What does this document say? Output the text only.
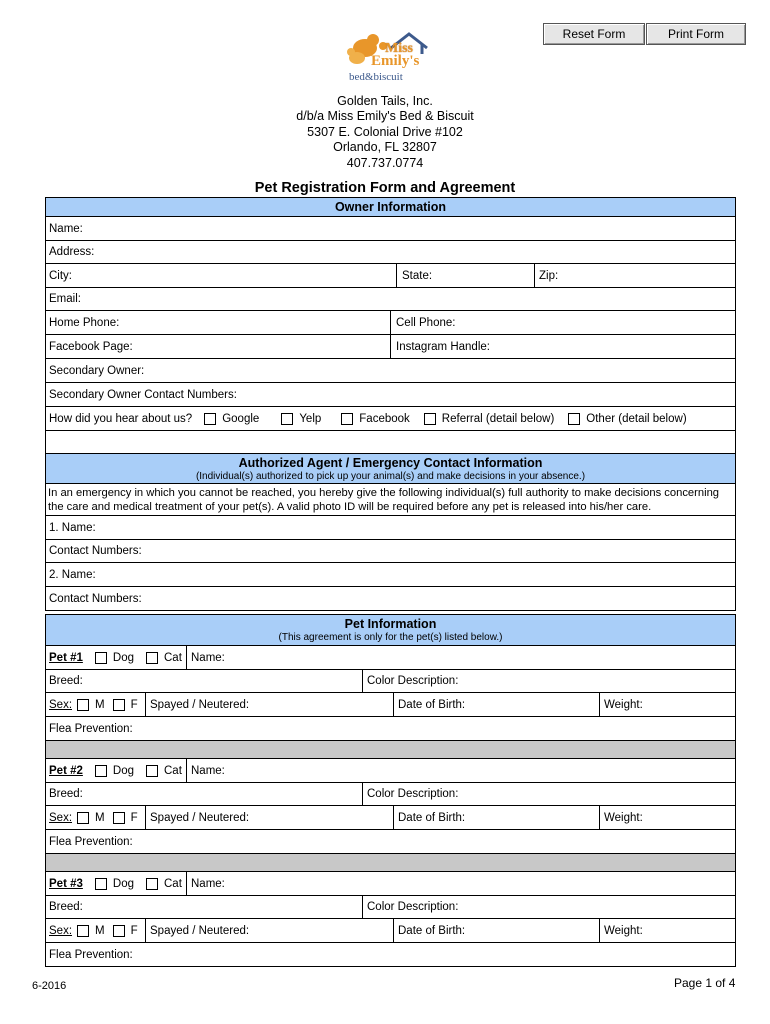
Reset Form	Print Form
Miss
Emily's
bed&biscuit
Golden Tails, Inc.
d/b/a Miss Emily's Bed & Biscuit
5307 E. Colonial Drive #102
Orlando, FL 32807
407.737.0774
Pet Registration Form and Agreement
Owner Information
Name:
Address:
City:	State:	Zip:
Email:
Home Phone:	Cell Phone:
Facebook Page:	Instagram Handle:
Secondary Owner:
Secondary Owner Contact Numbers:
How did you hear about us?	Google	Yelp	Facebook	Referral (detail below)	Other (detail below)
Authorized Agent / Emergency Contact Information
(Individual(s) authorized to pick up your animal(s) and make decisions in your absence.)
In an emergency in which you cannot be reached, you hereby give the following individual(s) full authority to make decisions concerning the care and medical treatment of your pet(s). A valid photo ID will be required before any pet is released into his/her care.
1. Name:
Contact Numbers:
2. Name:
Contact Numbers:
Pet Information
(This agreement is only for the pet(s) listed below.)
Pet #1	Dog	Cat Name:
Breed:	Color Description:
Sex: M F Spayed / Neutered:	Date of Birth:	Weight:
Flea Prevention:
Pet #2	Dog	Cat Name:
Breed:	Color Description:
Sex: M F Spayed / Neutered:	Date of Birth:	Weight:
Flea Prevention:
Pet #3	Dog	Cat Name:
Breed:	Color Description:
Sex: M F Spayed / Neutered:	Date of Birth:	Weight:
Flea Prevention:
6-2016	Page 1 of 4
